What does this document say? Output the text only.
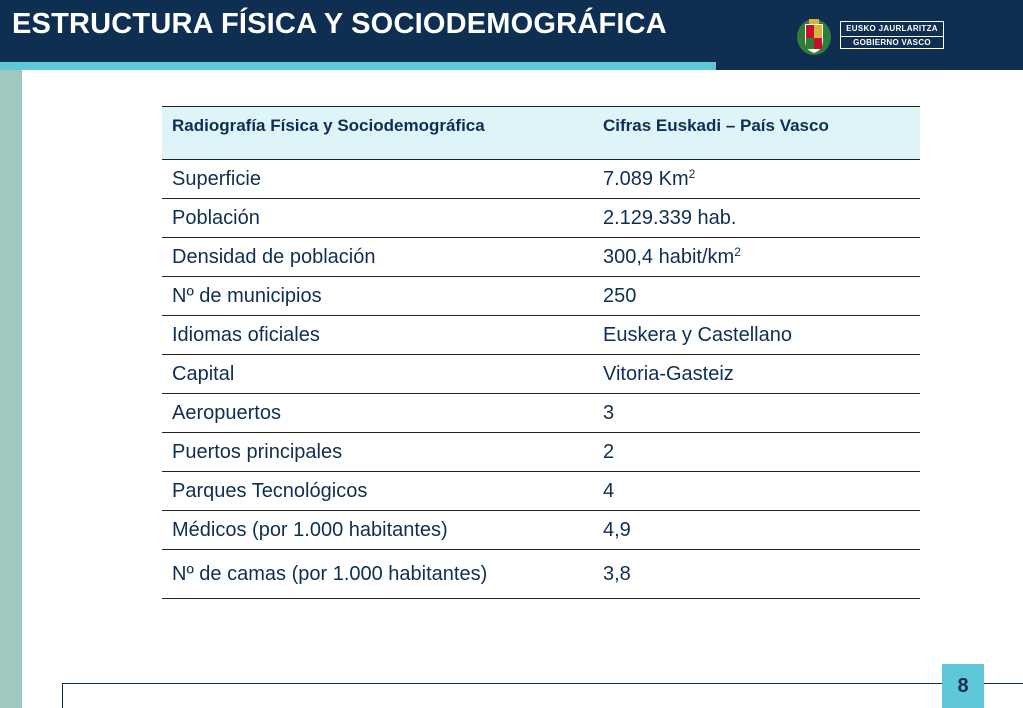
ESTRUCTURA FÍSICA Y SOCIODEMOGRÁFICA	EUSKO JAURLARITZA
GOBIERNO VASCO
Radiografía Física y Sociodemográfica	Cifras Euskadi – País Vasco
Superficie	7.089 Km$^2$
Población	2.129.339 hab.
Densidad de población	300,4 habit/$km^2$
Nº de municipios	250
Idiomas oficiales	Euskera y Castellano
Capital	Vitoria-Gasteiz
Aeropuertos	3
Puertos principales	2
Parques Tecnológicos	4
Médicos (por 1.000 habitantes)	4,9
Nº de camas (por 1.000 habitantes)	3,8
8
